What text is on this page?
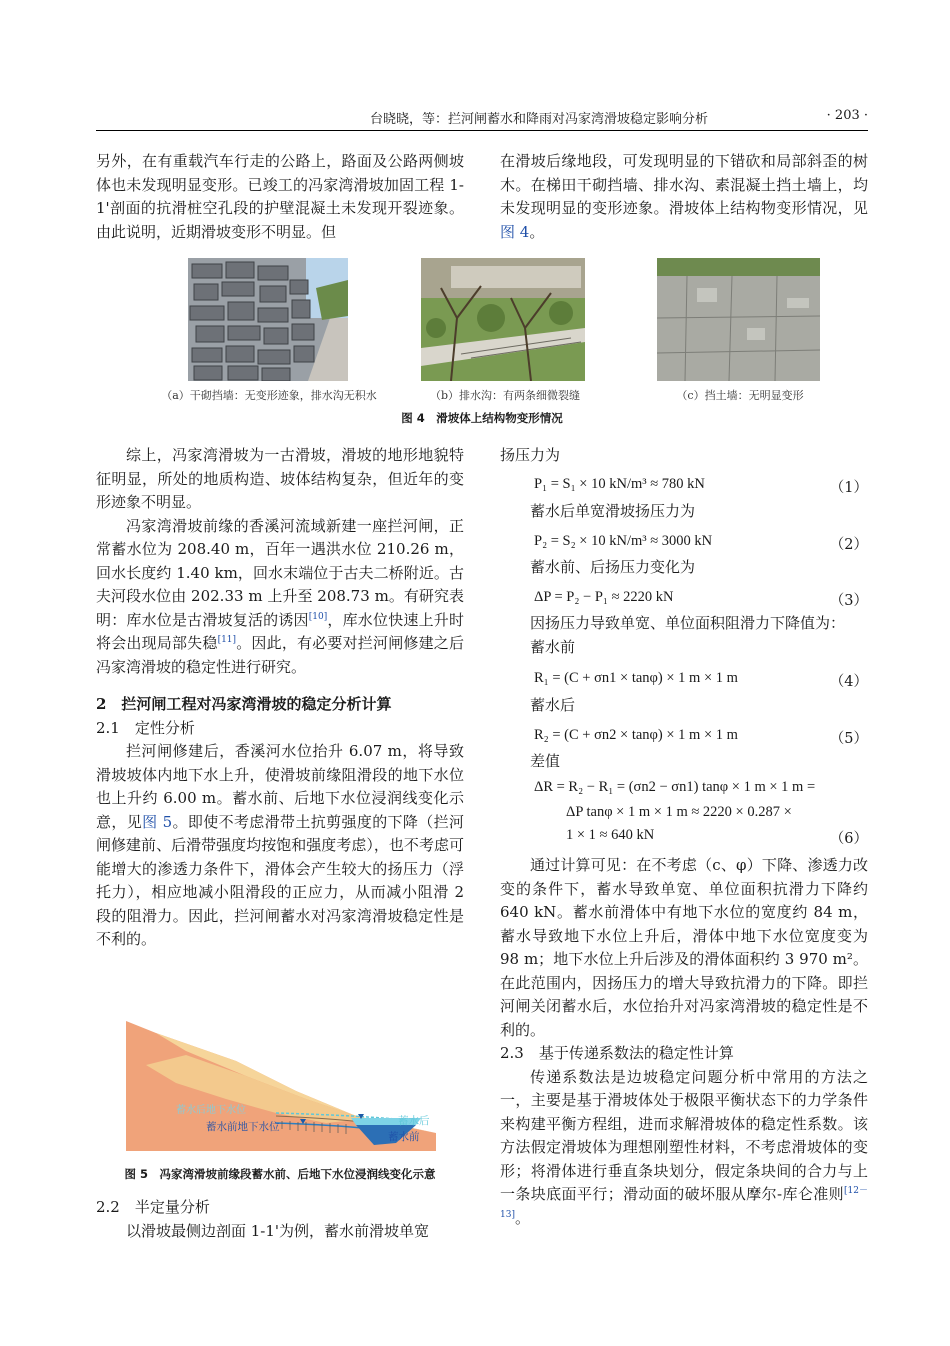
台晓晓，等：拦河闸蓄水和降雨对冯家湾滑坡稳定影响分析	· 203 ·

另外，在有重载汽车行走的公路上，路面及公路两侧坡体也未发现明显变形。已竣工的冯家湾滑坡加固工程 1-1'剖面的抗滑桩空孔段的护壁混凝土未发现开裂迹象。由此说明，近期滑坡变形不明显。但

在滑坡后缘地段，可发现明显的下错砍和局部斜歪的树木。在梯田干砌挡墙、排水沟、素混凝土挡土墙上，均未发现明显的变形迹象。滑坡体上结构物变形情况，见图 4。

（a）干砌挡墙：无变形迹象，排水沟无积水	（b）排水沟：有两条细微裂缝	（c）挡土墙：无明显变形
图 4　滑坡体上结构物变形情况

综上，冯家湾滑坡为一古滑坡，滑坡的地形地貌特征明显，所处的地质构造、坡体结构复杂，但近年的变形迹象不明显。

冯家湾滑坡前缘的香溪河流域新建一座拦河闸，正常蓄水位为 208.40 m，百年一遇洪水位 210.26 m，回水长度约 1.40 km，回水末端位于古夫二桥附近。古夫河段水位由 202.33 m 上升至 208.73 m。有研究表明：库水位是古滑坡复活的诱因[10]，库水位快速上升时将会出现局部失稳[11]。因此，有必要对拦河闸修建之后冯家湾滑坡的稳定性进行研究。

2　拦河闸工程对冯家湾滑坡的稳定分析计算

2.1　定性分析

拦河闸修建后，香溪河水位抬升 6.07 m，将导致滑坡坡体内地下水上升，使滑坡前缘阻滑段的地下水位也上升约 6.00 m。蓄水前、后地下水位浸润线变化示意，见图 5。即使不考虑滑带土抗剪强度的下降（拦河闸修建前、后滑带强度均按饱和强度考虑），也不考虑可能增大的渗透力条件下，滑体会产生较大的扬压力（浮托力），相应地减小阻滑段的正应力，从而减小阻滑 2 段的阻滑力。因此，拦河闸蓄水对冯家湾滑坡稳定性是不利的。

蓄水后地下水位
蓄水前地下水位	蓄水后
蓄水前
图 5　冯家湾滑坡前缘段蓄水前、后地下水位浸润线变化示意

2.2　半定量分析

以滑坡最侧边剖面 1-1'为例，蓄水前滑坡单宽

扬压力为

P₁ = S₁ × 10 kN/m³ ≈ 780 kN	（1）

蓄水后单宽滑坡扬压力为

P₂ = S₂ × 10 kN/m³ ≈ 3000 kN	（2）

蓄水前、后扬压力变化为

ΔP = P₂ − P₁ ≈ 2220 kN	（3）

因扬压力导致单宽、单位面积阻滑力下降值为：

蓄水前

R₁ = (C + σn1 × tanφ) × 1 m × 1 m	（4）

蓄水后

R₂ = (C + σn2 × tanφ) × 1 m × 1 m	（5）

差值

ΔR = R₂ − R₁ = (σn2 − σn1) tanφ × 1 m × 1 m =
ΔP tanφ × 1 m × 1 m ≈ 2220 × 0.287 ×
1 × 1 ≈ 640 kN	（6）

通过计算可见：在不考虑（c、φ）下降、渗透力改变的条件下，蓄水导致单宽、单位面积抗滑力下降约 640 kN。蓄水前滑体中有地下水位的宽度约 84 m，蓄水导致地下水位上升后，滑体中地下水位宽度变为 98 m；地下水位上升后涉及的滑体面积约 3 970 m²。在此范围内，因扬压力的增大导致抗滑力的下降。即拦河闸关闭蓄水后，水位抬升对冯家湾滑坡的稳定性是不利的。

2.3　基于传递系数法的稳定性计算

传递系数法是边坡稳定问题分析中常用的方法之一，主要是基于滑坡体处于极限平衡状态下的力学条件来构建平衡方程组，进而求解滑坡体的稳定性系数。该方法假定滑坡体为理想刚塑性材料，不考虑滑坡体的变形；将滑体进行垂直条块划分，假定条块间的合力与上一条块底面平行；滑动面的破坏服从摩尔-库仑准则[12－13]。
